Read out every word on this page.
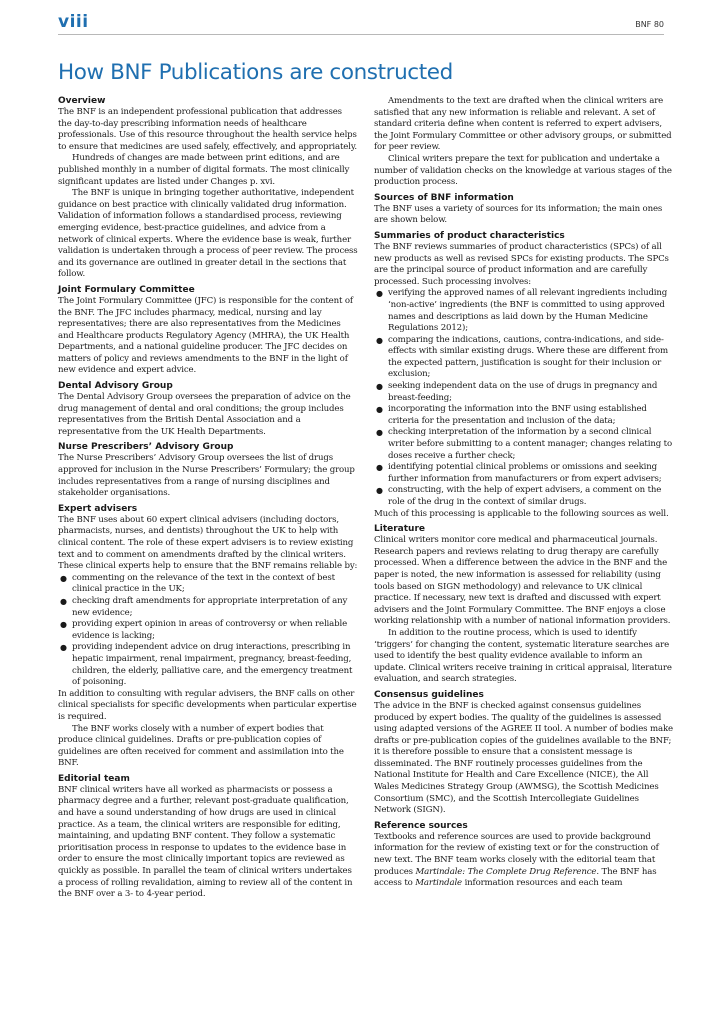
viii	BNF 80
How BNF Publications are constructed
Overview

The BNF is an independent professional publication that addresses the day-to-day prescribing information needs of healthcare professionals. Use of this resource throughout the health service helps to ensure that medicines are used safely, effectively, and appropriately.

Hundreds of changes are made between print editions, and are published monthly in a number of digital formats. The most clinically significant updates are listed under Changes p. xvi.

The BNF is unique in bringing together authoritative, independent guidance on best practice with clinically validated drug information. Validation of information follows a standardised process, reviewing emerging evidence, best-practice guidelines, and advice from a network of clinical experts. Where the evidence base is weak, further validation is undertaken through a process of peer review. The process and its governance are outlined in greater detail in the sections that follow.

Joint Formulary Committee

The Joint Formulary Committee (JFC) is responsible for the content of the BNF. The JFC includes pharmacy, medical, nursing and lay representatives; there are also representatives from the Medicines and Healthcare products Regulatory Agency (MHRA), the UK Health Departments, and a national guideline producer. The JFC decides on matters of policy and reviews amendments to the BNF in the light of new evidence and expert advice.

Dental Advisory Group

The Dental Advisory Group oversees the preparation of advice on the drug management of dental and oral conditions; the group includes representatives from the British Dental Association and a representative from the UK Health Departments.

Nurse Prescribers’ Advisory Group

The Nurse Prescribers’ Advisory Group oversees the list of drugs approved for inclusion in the Nurse Prescribers’ Formulary; the group includes representatives from a range of nursing disciplines and stakeholder organisations.

Expert advisers

The BNF uses about 60 expert clinical advisers (including doctors, pharmacists, nurses, and dentists) throughout the UK to help with clinical content. The role of these expert advisers is to review existing text and to comment on amendments drafted by the clinical writers. These clinical experts help to ensure that the BNF remains reliable by:

● commenting on the relevance of the text in the context of best clinical practice in the UK;
● checking draft amendments for appropriate interpretation of any new evidence;
● providing expert opinion in areas of controversy or when reliable evidence is lacking;
● providing independent advice on drug interactions, prescribing in hepatic impairment, renal impairment, pregnancy, breast-feeding, children, the elderly, palliative care, and the emergency treatment of poisoning.

In addition to consulting with regular advisers, the BNF calls on other clinical specialists for specific developments when particular expertise is required.

The BNF works closely with a number of expert bodies that produce clinical guidelines. Drafts or pre-publication copies of guidelines are often received for comment and assimilation into the BNF.

Editorial team

BNF clinical writers have all worked as pharmacists or possess a pharmacy degree and a further, relevant post-graduate qualification, and have a sound understanding of how drugs are used in clinical practice. As a team, the clinical writers are responsible for editing, maintaining, and updating BNF content. They follow a systematic prioritisation process in response to updates to the evidence base in order to ensure the most clinically important topics are reviewed as quickly as possible. In parallel the team of clinical writers undertakes a process of rolling revalidation, aiming to review all of the content in the BNF over a 3- to 4-year period.

Amendments to the text are drafted when the clinical writers are satisfied that any new information is reliable and relevant. A set of standard criteria define when content is referred to expert advisers, the Joint Formulary Committee or other advisory groups, or submitted for peer review.

Clinical writers prepare the text for publication and undertake a number of validation checks on the knowledge at various stages of the production process.

Sources of BNF information

The BNF uses a variety of sources for its information; the main ones are shown below.

Summaries of product characteristics

The BNF reviews summaries of product characteristics (SPCs) of all new products as well as revised SPCs for existing products. The SPCs are the principal source of product information and are carefully processed. Such processing involves:

● verifying the approved names of all relevant ingredients including ‘non-active’ ingredients (the BNF is committed to using approved names and descriptions as laid down by the Human Medicine Regulations 2012);
● comparing the indications, cautions, contra-indications, and side-effects with similar existing drugs. Where these are different from the expected pattern, justification is sought for their inclusion or exclusion;
● seeking independent data on the use of drugs in pregnancy and breast-feeding;
● incorporating the information into the BNF using established criteria for the presentation and inclusion of the data;
● checking interpretation of the information by a second clinical writer before submitting to a content manager; changes relating to doses receive a further check;
● identifying potential clinical problems or omissions and seeking further information from manufacturers or from expert advisers;
● constructing, with the help of expert advisers, a comment on the role of the drug in the context of similar drugs.

Much of this processing is applicable to the following sources as well.

Literature

Clinical writers monitor core medical and pharmaceutical journals. Research papers and reviews relating to drug therapy are carefully processed. When a difference between the advice in the BNF and the paper is noted, the new information is assessed for reliability (using tools based on SIGN methodology) and relevance to UK clinical practice. If necessary, new text is drafted and discussed with expert advisers and the Joint Formulary Committee. The BNF enjoys a close working relationship with a number of national information providers.

In addition to the routine process, which is used to identify ‘triggers’ for changing the content, systematic literature searches are used to identify the best quality evidence available to inform an update. Clinical writers receive training in critical appraisal, literature evaluation, and search strategies.

Consensus guidelines

The advice in the BNF is checked against consensus guidelines produced by expert bodies. The quality of the guidelines is assessed using adapted versions of the AGREE II tool. A number of bodies make drafts or pre-publication copies of the guidelines available to the BNF; it is therefore possible to ensure that a consistent message is disseminated. The BNF routinely processes guidelines from the National Institute for Health and Care Excellence (NICE), the All Wales Medicines Strategy Group (AWMSG), the Scottish Medicines Consortium (SMC), and the Scottish Intercollegiate Guidelines Network (SIGN).

Reference sources

Textbooks and reference sources are used to provide background information for the review of existing text or for the construction of new text. The BNF team works closely with the editorial team that produces Martindale: The Complete Drug Reference. The BNF has access to Martindale information resources and each team
